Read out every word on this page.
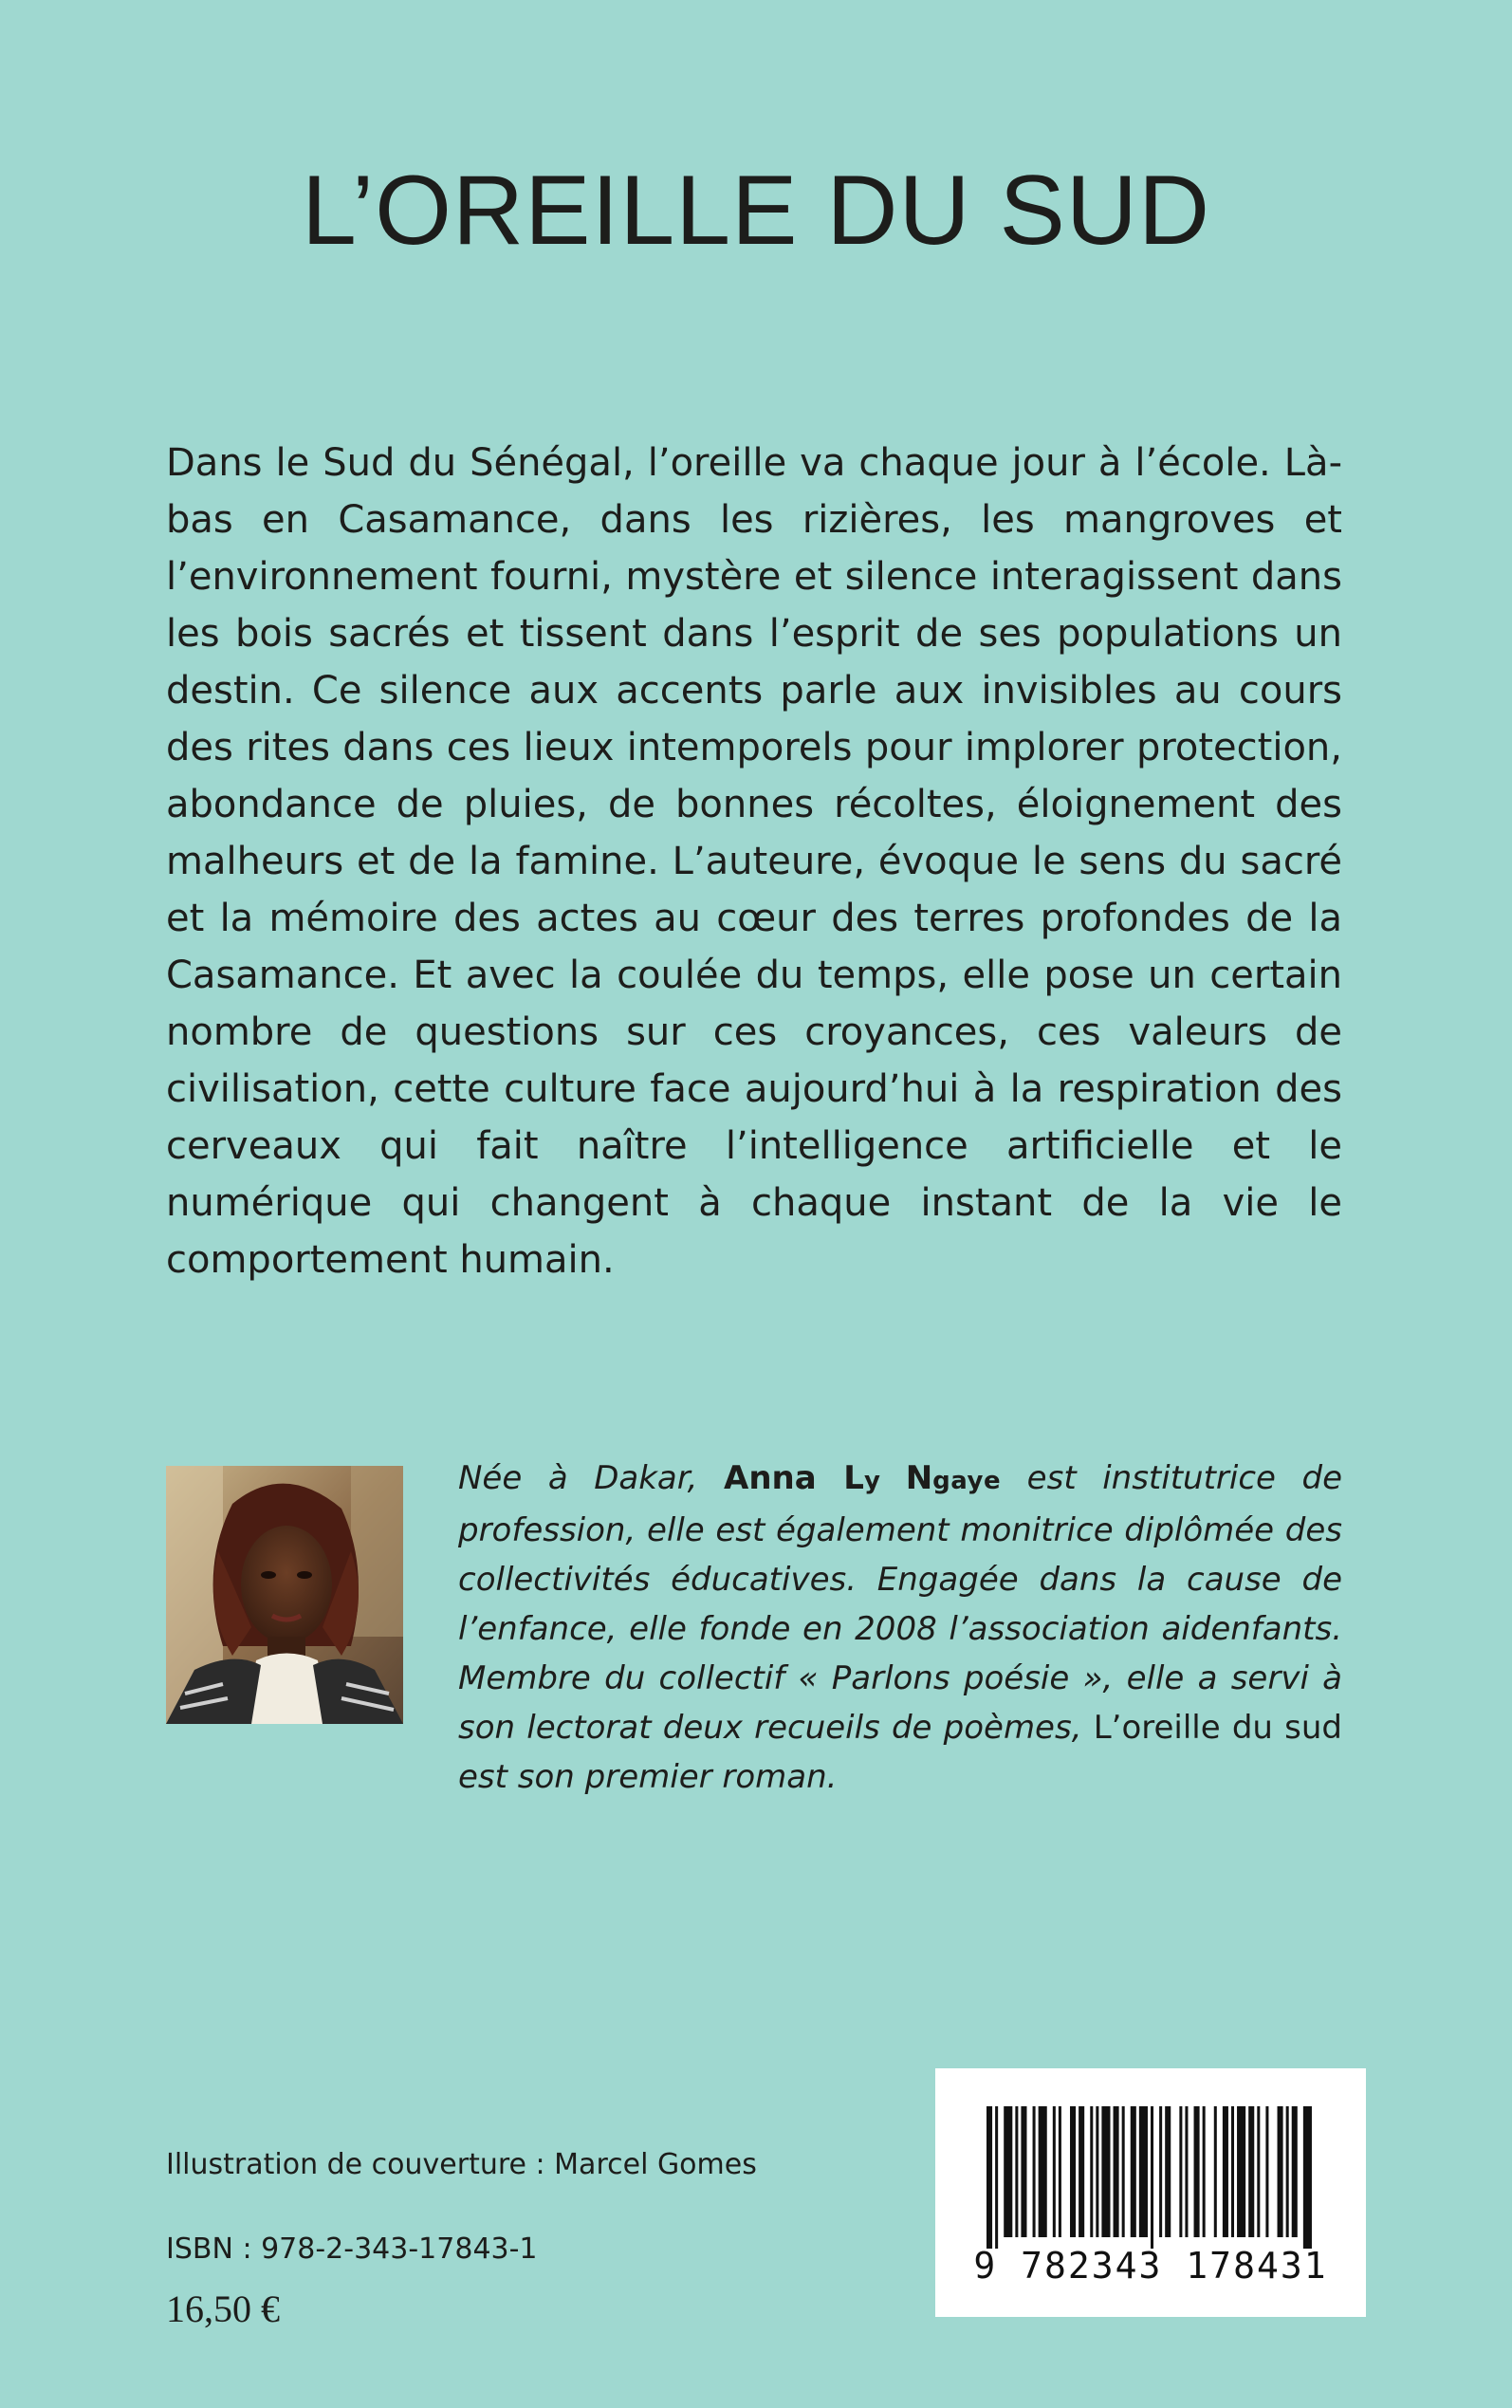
L’OREILLE DU SUD

Dans le Sud du Sénégal, l’oreille va chaque jour à l’école. Là-bas en Casamance, dans les rizières, les mangroves et l’environnement fourni, mystère et silence interagissent dans les bois sacrés et tissent dans l’esprit de ses populations un destin. Ce silence aux accents parle aux invisibles au cours des rites dans ces lieux intemporels pour implorer protection, abondance de pluies, de bonnes récoltes, éloignement des malheurs et de la famine. L’auteure, évoque le sens du sacré et la mémoire des actes au cœur des terres profondes de la Casamance. Et avec la coulée du temps, elle pose un certain nombre de questions sur ces croyances, ces valeurs de civilisation, cette culture face aujourd’hui à la respiration des cerveaux qui fait naître l’intelligence artificielle et le numérique qui changent à chaque instant de la vie le comportement humain.

Née à Dakar, Anna Ly Ngaye est institutrice de profession, elle est également monitrice diplômée des collectivités éducatives. Engagée dans la cause de l’enfance, elle fonde en 2008 l’association aidenfants. Membre du collectif « Parlons poésie », elle a servi à son lectorat deux recueils de poèmes, L’oreille du sud est son premier roman.

Illustration de couverture : Marcel Gomes
ISBN : 978-2-343-17843-1
16,50 €
9 782343 178431
